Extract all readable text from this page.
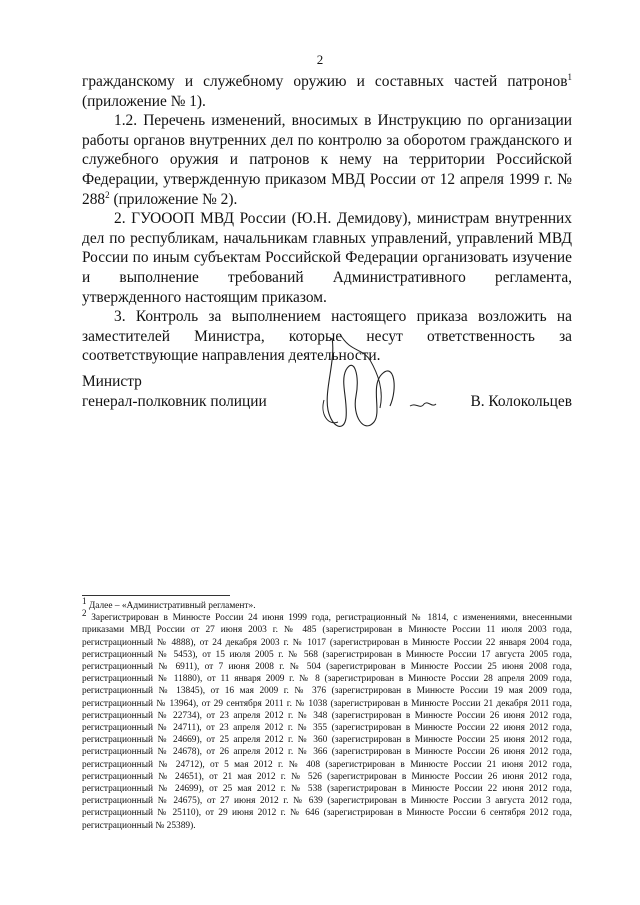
2

гражданскому и служебному оружию и составных частей патронов$^1$ (приложение № 1).

1.2. Перечень изменений, вносимых в Инструкцию по организации работы органов внутренних дел по контролю за оборотом гражданского и служебного оружия и патронов к нему на территории Российской Федерации, утвержденную приказом МВД России от 12 апреля 1999 г. № $288^2$ (приложение № 2).

2. ГУОООП МВД России (Ю.Н. Демидову), министрам внутренних дел по республикам, начальникам главных управлений, управлений МВД России по иным субъектам Российской Федерации организовать изучение и выполнение требований Административного регламента, утвержденного настоящим приказом.

3. Контроль за выполнением настоящего приказа возложить на заместителей Министра, которые несут ответственность за соответствующие направления деятельности.

Министр
генерал-полковник полиции	В. Колокольцев

$^1$ Далее – «Административный регламент».

$^2$ Зарегистрирован в Минюсте России 24 июня 1999 года, регистрационный № 1814, с изменениями, внесенными приказами МВД России от 27 июня 2003 г. № 485 (зарегистрирован в Минюсте России 11 июля 2003 года, регистрационный № 4888), от 24 декабря 2003 г. № 1017 (зарегистрирован в Минюсте России 22 января 2004 года, регистрационный № 5453), от 15 июля 2005 г. № 568 (зарегистрирован в Минюсте России 17 августа 2005 года, регистрационный № 6911), от 7 июня 2008 г. № 504 (зарегистрирован в Минюсте России 25 июня 2008 года, регистрационный № 11880), от 11 января 2009 г. № 8 (зарегистрирован в Минюсте России 28 апреля 2009 года, регистрационный № 13845), от 16 мая 2009 г. № 376 (зарегистрирован в Минюсте России 19 мая 2009 года, регистрационный № 13964), от 29 сентября 2011 г. № 1038 (зарегистрирован в Минюсте России 21 декабря 2011 года, регистрационный № 22734), от 23 апреля 2012 г. № 348 (зарегистрирован в Минюсте России 26 июня 2012 года, регистрационный № 24711), от 23 апреля 2012 г. № 355 (зарегистрирован в Минюсте России 22 июня 2012 года, регистрационный № 24669), от 25 апреля 2012 г. № 360 (зарегистрирован в Минюсте России 25 июня 2012 года, регистрационный № 24678), от 26 апреля 2012 г. № 366 (зарегистрирован в Минюсте России 26 июня 2012 года, регистрационный № 24712), от 5 мая 2012 г. № 408 (зарегистрирован в Минюсте России 21 июня 2012 года, регистрационный № 24651), от 21 мая 2012 г. № 526 (зарегистрирован в Минюсте России 26 июня 2012 года, регистрационный № 24699), от 25 мая 2012 г. № 538 (зарегистрирован в Минюсте России 22 июня 2012 года, регистрационный № 24675), от 27 июня 2012 г. № 639 (зарегистрирован в Минюсте России 3 августа 2012 года, регистрационный № 25110), от 29 июня 2012 г. № 646 (зарегистрирован в Минюсте России 6 сентября 2012 года, регистрационный № 25389).
